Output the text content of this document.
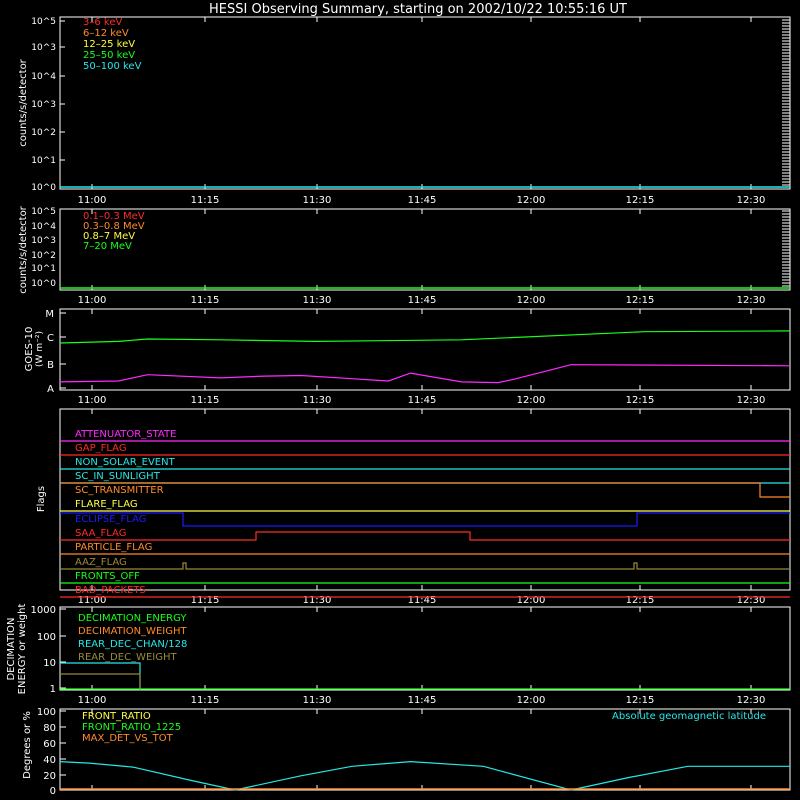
HESSI Observing Summary, starting on 2002/10/22 10:55:16 UT
11:00	11:15	11:30	11:45	12:00	12:15	12:30
11:00	11:15	11:30	11:45	12:00	12:15	12:30
11:00	11:15	11:30	11:45	12:00	12:15	12:30
11:00	11:15	11:30	11:45	12:00	12:15	12:30
11:00	11:15	11:30	11:45	12:00	12:15	12:30
10^5
10^3
10^4
10^3
10^2
10^1
10^0
3–6 keV
6–12 keV
12–25 keV
25–50 keV
50–100 keV
counts/s/detector
10^5
10^4
10^3
10^2
10^1
10^0
0.1–0.3 MeV
0.3–0.8 MeV
0.8–7 MeV
7–20 MeV
counts/s/detector
A
B
C
M
GOES-10 (W m⁻²)
Flags
ATTENUATOR_STATE
GAP_FLAG
NON_SOLAR_EVENT
SC_IN_SUNLIGHT
SC_TRANSMITTER
FLARE_FLAG
ECLIPSE_FLAG
SAA_FLAG
PARTICLE_FLAG
AAZ_FLAG
FRONTS_OFF
BAD_PACKETS
1000
100
10
1
DECIMATION ENERGY or weight	DECIMATION_ENERGY
DECIMATION_WEIGHT
REAR_DEC_CHAN/128
REAR_DEC_WEIGHT
100
80
60
40
20
0
Degrees or %	FRONT_RATIO
FRONT_RATIO_1225
MAX_DET_VS_TOT
Absolute geomagnetic latitude
